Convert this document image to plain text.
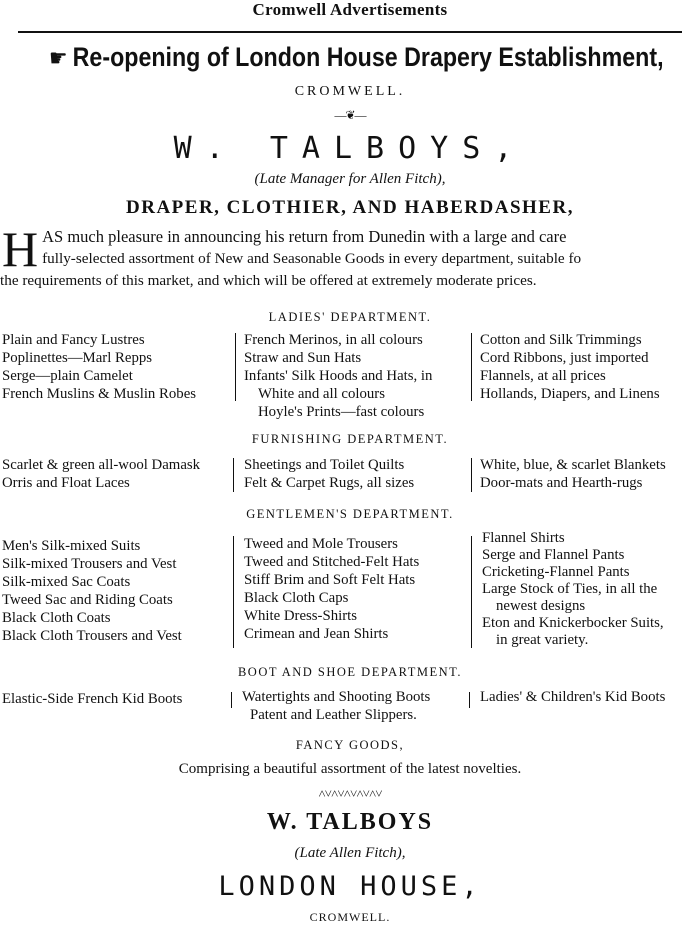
Cromwell Advertisements
☛ Re-opening of London House Drapery Establishment,
CROMWELL.
—❦—
W. TALBOYS,
(Late Manager for Allen Fitch),
DRAPER, CLOTHIER, AND HABERDASHER,
H AS much pleasure in announcing his return from Dunedin with a large and care
fully-selected assortment of New and Seasonable Goods in every department, suitable fo
the requirements of this market, and which will be offered at extremely moderate prices.
LADIES' DEPARTMENT.
Plain and Fancy Lustres
Poplinettes—Marl Repps
Serge—plain Camelet
French Muslins & Muslin Robes
French Merinos, in all colours
Straw and Sun Hats
Infants' Silk Hoods and Hats, in
White and all colours
Hoyle's Prints—fast colours
Cotton and Silk Trimmings
Cord Ribbons, just imported
Flannels, at all prices
Hollands, Diapers, and Linens
FURNISHING DEPARTMENT.
Scarlet & green all-wool Damask
Orris and Float Laces
Sheetings and Toilet Quilts
Felt & Carpet Rugs, all sizes
White, blue, & scarlet Blankets
Door-mats and Hearth-rugs
GENTLEMEN'S DEPARTMENT.
Men's Silk-mixed Suits
Silk-mixed Trousers and Vest
Silk-mixed Sac Coats
Tweed Sac and Riding Coats
Black Cloth Coats
Black Cloth Trousers and Vest
Tweed and Mole Trousers
Tweed and Stitched-Felt Hats
Stiff Brim and Soft Felt Hats
Black Cloth Caps
White Dress-Shirts
Crimean and Jean Shirts
Flannel Shirts
Serge and Flannel Pants
Cricketing-Flannel Pants
Large Stock of Ties, in all the
newest designs
Eton and Knickerbocker Suits,
in great variety.
BOOT AND SHOE DEPARTMENT.
Elastic-Side French Kid Boots	Watertights and Shooting Boots
Patent and Leather Slippers.
Ladies' & Children's Kid Boots
FANCY GOODS,
Comprising a beautiful assortment of the latest novelties.
˄˅˄˅˄˅˄˅˄˅
W. TALBOYS
(Late Allen Fitch),
LONDON HOUSE,
CROMWELL.
